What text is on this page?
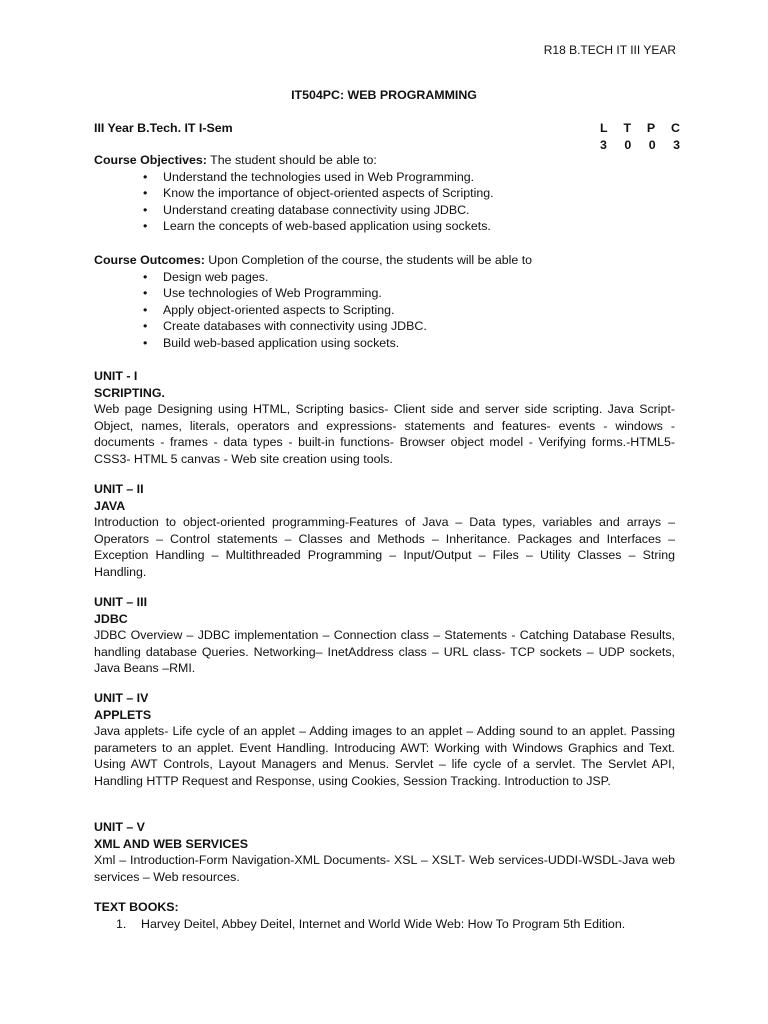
R18 B.TECH IT III YEAR
IT504PC: WEB PROGRAMMING
III Year B.Tech. IT I-Sem	L T P C
3 0 0 3
Course Objectives: The student should be able to:
• Understand the technologies used in Web Programming.
• Know the importance of object-oriented aspects of Scripting.
• Understand creating database connectivity using JDBC.
• Learn the concepts of web-based application using sockets.
Course Outcomes: Upon Completion of the course, the students will be able to
• Design web pages.
• Use technologies of Web Programming.
• Apply object-oriented aspects to Scripting.
• Create databases with connectivity using JDBC.
• Build web-based application using sockets.
UNIT - I
SCRIPTING.

Web page Designing using HTML, Scripting basics- Client side and server side scripting. Java Script-Object, names, literals, operators and expressions- statements and features- events - windows - documents - frames - data types - built-in functions- Browser object model - Verifying forms.-HTML5-CSS3- HTML 5 canvas - Web site creation using tools.

UNIT – II
JAVA

Introduction to object-oriented programming-Features of Java – Data types, variables and arrays – Operators – Control statements – Classes and Methods – Inheritance. Packages and Interfaces – Exception Handling – Multithreaded Programming – Input/Output – Files – Utility Classes – String Handling.

UNIT – III
JDBC

JDBC Overview – JDBC implementation – Connection class – Statements - Catching Database Results, handling database Queries. Networking– InetAddress class – URL class- TCP sockets – UDP sockets, Java Beans –RMI.

UNIT – IV
APPLETS

Java applets- Life cycle of an applet – Adding images to an applet – Adding sound to an applet. Passing parameters to an applet. Event Handling. Introducing AWT: Working with Windows Graphics and Text. Using AWT Controls, Layout Managers and Menus. Servlet – life cycle of a servlet. The Servlet API, Handling HTTP Request and Response, using Cookies, Session Tracking. Introduction to JSP.

UNIT – V
XML AND WEB SERVICES

Xml – Introduction-Form Navigation-XML Documents- XSL – XSLT- Web services-UDDI-WSDL-Java web services – Web resources.

TEXT BOOKS:
1. Harvey Deitel, Abbey Deitel, Internet and World Wide Web: How To Program 5th Edition.
